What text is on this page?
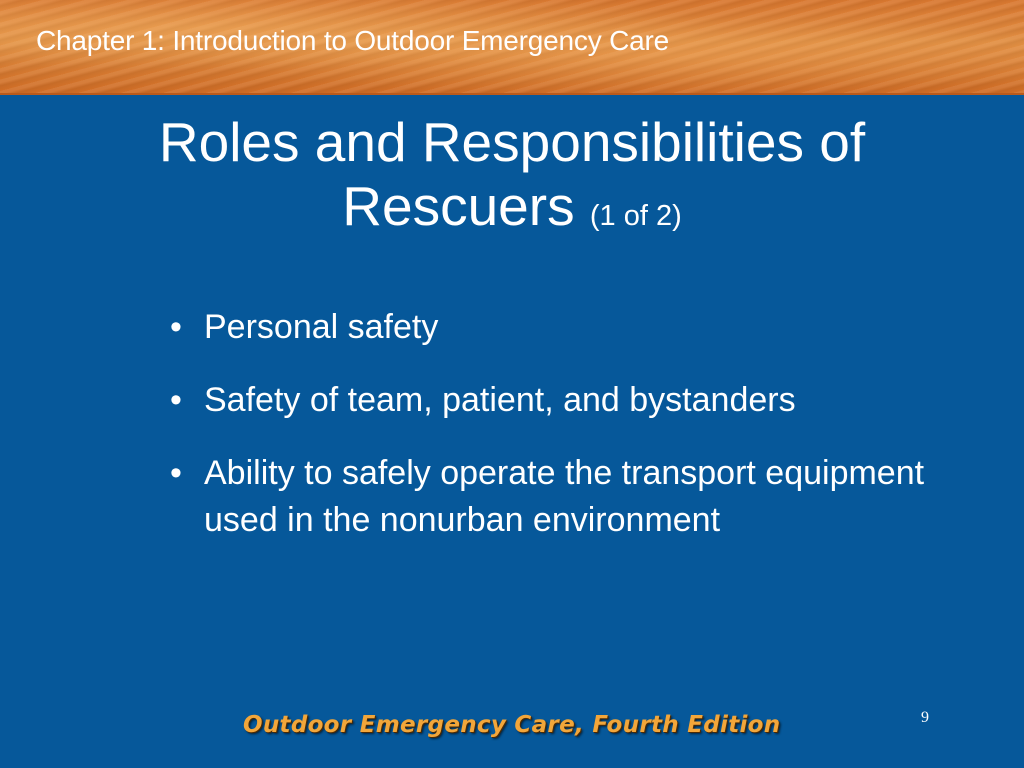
Chapter 1: Introduction to Outdoor Emergency Care
Roles and Responsibilities of
Rescuers (1 of 2)
• Personal safety
• Safety of team, patient, and bystanders
• Ability to safely operate the transport equipment used in the nonurban environment
9
Outdoor Emergency Care, Fourth Edition
